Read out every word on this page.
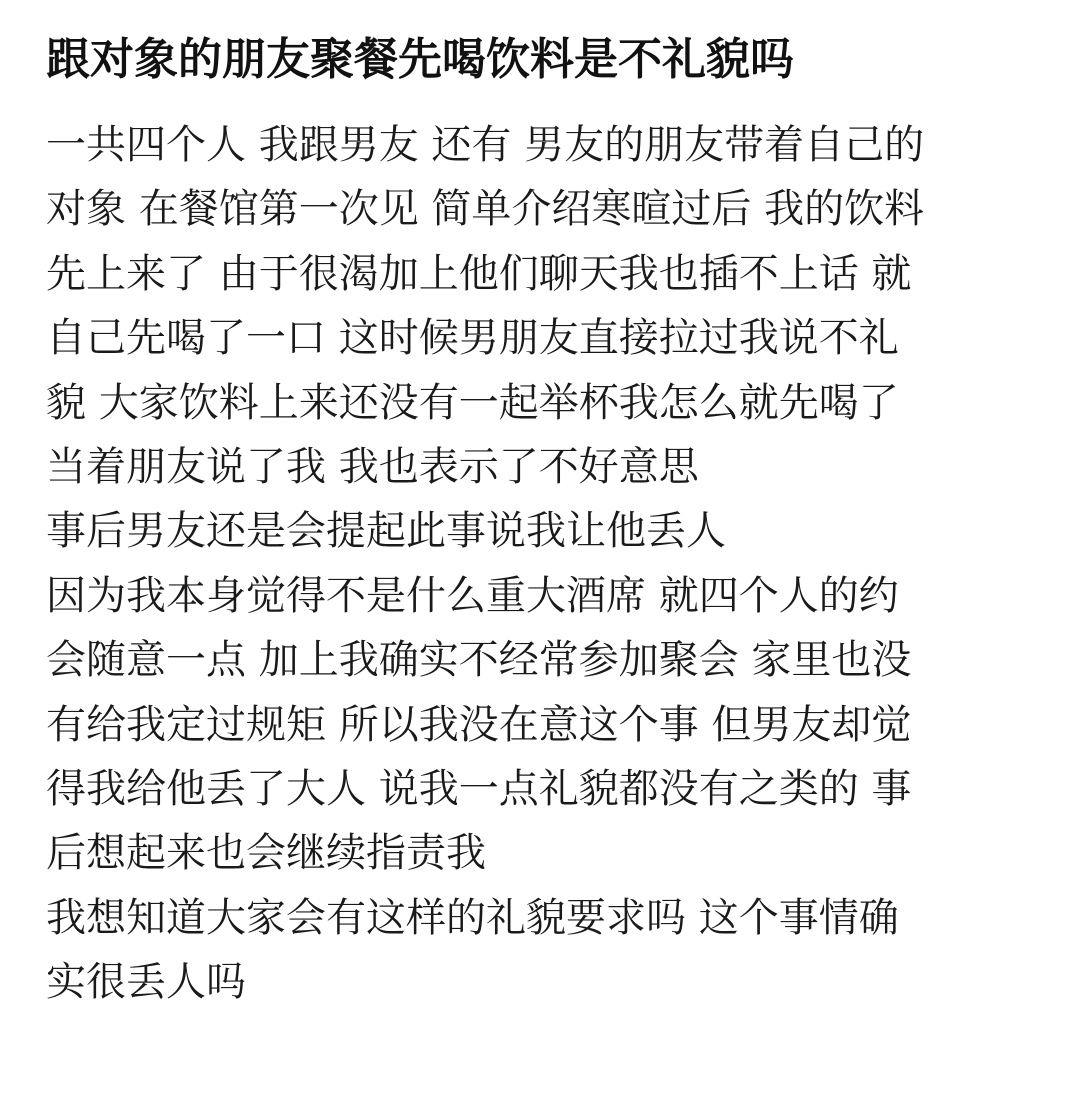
跟对象的朋友聚餐先喝饮料是不礼貌吗
一共四个人 我跟男友 还有 男友的朋友带着自己的
对象 在餐馆第一次见 简单介绍寒暄过后 我的饮料
先上来了 由于很渴加上他们聊天我也插不上话 就
自己先喝了一口 这时候男朋友直接拉过我说不礼
貌 大家饮料上来还没有一起举杯我怎么就先喝了
当着朋友说了我 我也表示了不好意思
事后男友还是会提起此事说我让他丢人
因为我本身觉得不是什么重大酒席 就四个人的约
会随意一点 加上我确实不经常参加聚会 家里也没
有给我定过规矩 所以我没在意这个事 但男友却觉
得我给他丢了大人 说我一点礼貌都没有之类的 事
后想起来也会继续指责我
我想知道大家会有这样的礼貌要求吗 这个事情确
实很丢人吗
